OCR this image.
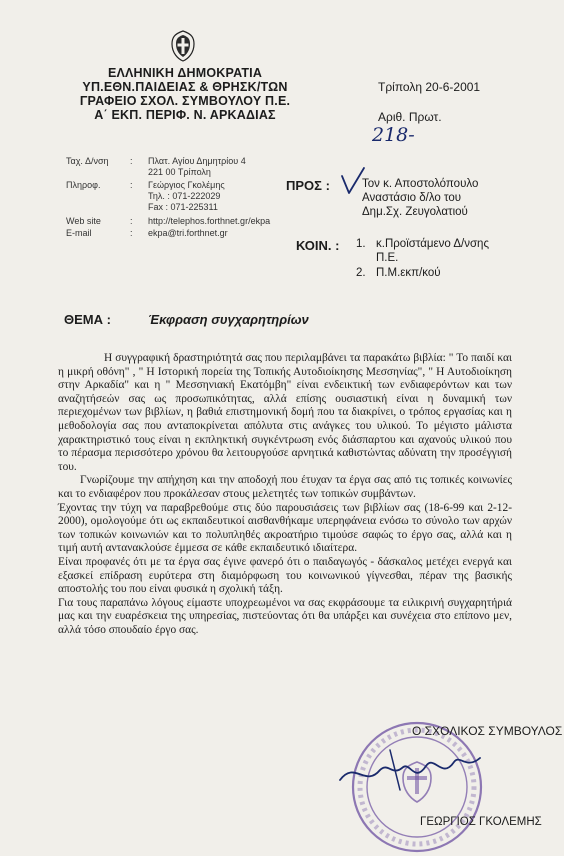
ΕΛΛΗΝΙΚΗ ΔΗΜΟΚΡΑΤΙΑ
ΥΠ.ΕΘΝ.ΠΑΙΔΕΙΑΣ & ΘΡΗΣΚ/ΤΩΝ
ΓΡΑΦΕΙΟ ΣΧΟΛ. ΣΥΜΒΟΥΛΟΥ Π.Ε.
Α΄ ΕΚΠ. ΠΕΡΙΦ. Ν. ΑΡΚΑΔΙΑΣ
Τρίπολη 20-6-2001
Αριθ. Πρωτ.
218-
Ταχ. Δ/νση : Πλατ. Αγίου Δημητρίου 4
221 00 Τρίπολη
Πληροφ.	: Γεώργιος Γκολέμης
Τηλ. : 071-222029
Fax : 071-225311
Web site	: http://telephos.forthnet.gr/ekpa
E-mail	: ekpa@tri.forthnet.gr
ΠΡΟΣ :	Τον κ. Αποστολόπουλο
Αναστάσιο δ/λο του
Δημ.Σχ. Ζευγολατιού
ΚΟΙΝ. : 1. κ.Προϊστάμενο Δ/νσης
Π.Ε.
2. Π.Μ.εκπ/κού
ΘΕΜΑ :	Έκφραση συγχαρητηρίων

Η συγγραφική δραστηριότητά σας που περιλαμβάνει τα παρακάτω βιβλία: " Το παιδί και η μικρή οθόνη" , " Η Ιστορική πορεία της Τοπικής Αυτοδιοίκησης Μεσσηνίας", " Η Αυτοδιοίκηση στην Αρκαδία" και η " Μεσσηνιακή Εκατόμβη" είναι ενδεικτική των ενδιαφερόντων και των αναζητήσεών σας ως προσωπικότητας, αλλά επίσης ουσιαστική είναι η δυναμική των περιεχομένων των βιβλίων, η βαθιά επιστημονική δομή που τα διακρίνει, ο τρόπος εργασίας και η μεθοδολογία σας που ανταποκρίνεται απόλυτα στις ανάγκες του υλικού. Το μέγιστο μάλιστα χαρακτηριστικό τους είναι η εκπληκτική συγκέντρωση ενός διάσπαρτου και αχανούς υλικού που το πέρασμα περισσότερο χρόνου θα λειτουργούσε αρνητικά καθιστώντας αδύνατη την προσέγγισή του.

Γνωρίζουμε την απήχηση και την αποδοχή που έτυχαν τα έργα σας από τις τοπικές κοινωνίες και το ενδιαφέρον που προκάλεσαν στους μελετητές των τοπικών συμβάντων.

Έχοντας την τύχη να παραβρεθούμε στις δύο παρουσιάσεις των βιβλίων σας (18-6-99 και 2-12-2000), ομολογούμε ότι ως εκπαιδευτικοί αισθανθήκαμε υπερηφάνεια ενόσω το σύνολο των αρχών των τοπικών κοινωνιών και το πολυπληθές ακροατήριο τιμούσε σαφώς το έργο σας, αλλά και η τιμή αυτή αντανακλούσε έμμεσα σε κάθε εκπαιδευτικό ιδιαίτερα.

Είναι προφανές ότι με τα έργα σας έγινε φανερό ότι ο παιδαγωγός - δάσκαλος μετέχει ενεργά και εξασκεί επίδραση ευρύτερα στη διαμόρφωση του κοινωνικού γίγνεσθαι, πέραν της βασικής αποστολής του που είναι φυσικά η σχολική τάξη.

Για τους παραπάνω λόγους είμαστε υποχρεωμένοι να σας εκφράσουμε τα ειλικρινή συγχαρητήριά μας και την ευαρέσκεια της υπηρεσίας, πιστεύοντας ότι θα υπάρξει και συνέχεια στο επίπονο μεν, αλλά τόσο σπουδαίο έργο σας.

Ο ΣΧΟΛΙΚΟΣ ΣΥΜΒΟΥΛΟΣ
ΓΕΩΡΓΙΟΣ ΓΚΟΛΕΜΗΣ
